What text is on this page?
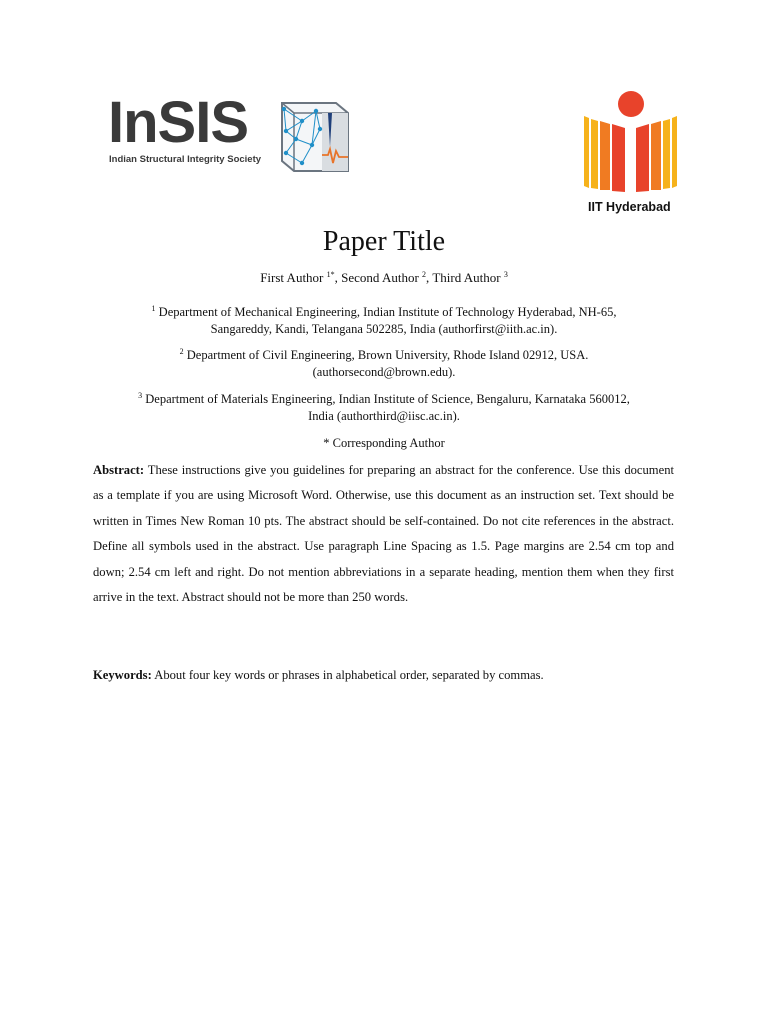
InSIS
Indian Structural Integrity Society
IIT Hyderabad
Paper Title
First Author $^{1*}$, Second Author $^2$, Third Author $^3$
$^1$ Department of Mechanical Engineering, Indian Institute of Technology Hyderabad, NH-65,
Sangareddy, Kandi, Telangana 502285, India (authorfirst@iith.ac.in).
$^2$ Department of Civil Engineering, Brown University, Rhode Island 02912, USA.
(authorsecond@brown.edu).
$^3$ Department of Materials Engineering, Indian Institute of Science, Bengaluru, Karnataka 560012,
India (authorthird@iisc.ac.in).
* Corresponding Author
Abstract: These instructions give you guidelines for preparing an abstract for the conference. Use this document as a template if you are using Microsoft Word. Otherwise, use this document as an instruction set. Text should be written in Times New Roman 10 pts. The abstract should be self-contained. Do not cite references in the abstract. Define all symbols used in the abstract. Use paragraph Line Spacing as 1.5. Page margins are 2.54 cm top and down; 2.54 cm left and right. Do not mention abbreviations in a separate heading, mention them when they first arrive in the text. Abstract should not be more than 250 words.
Keywords: About four key words or phrases in alphabetical order, separated by commas.
